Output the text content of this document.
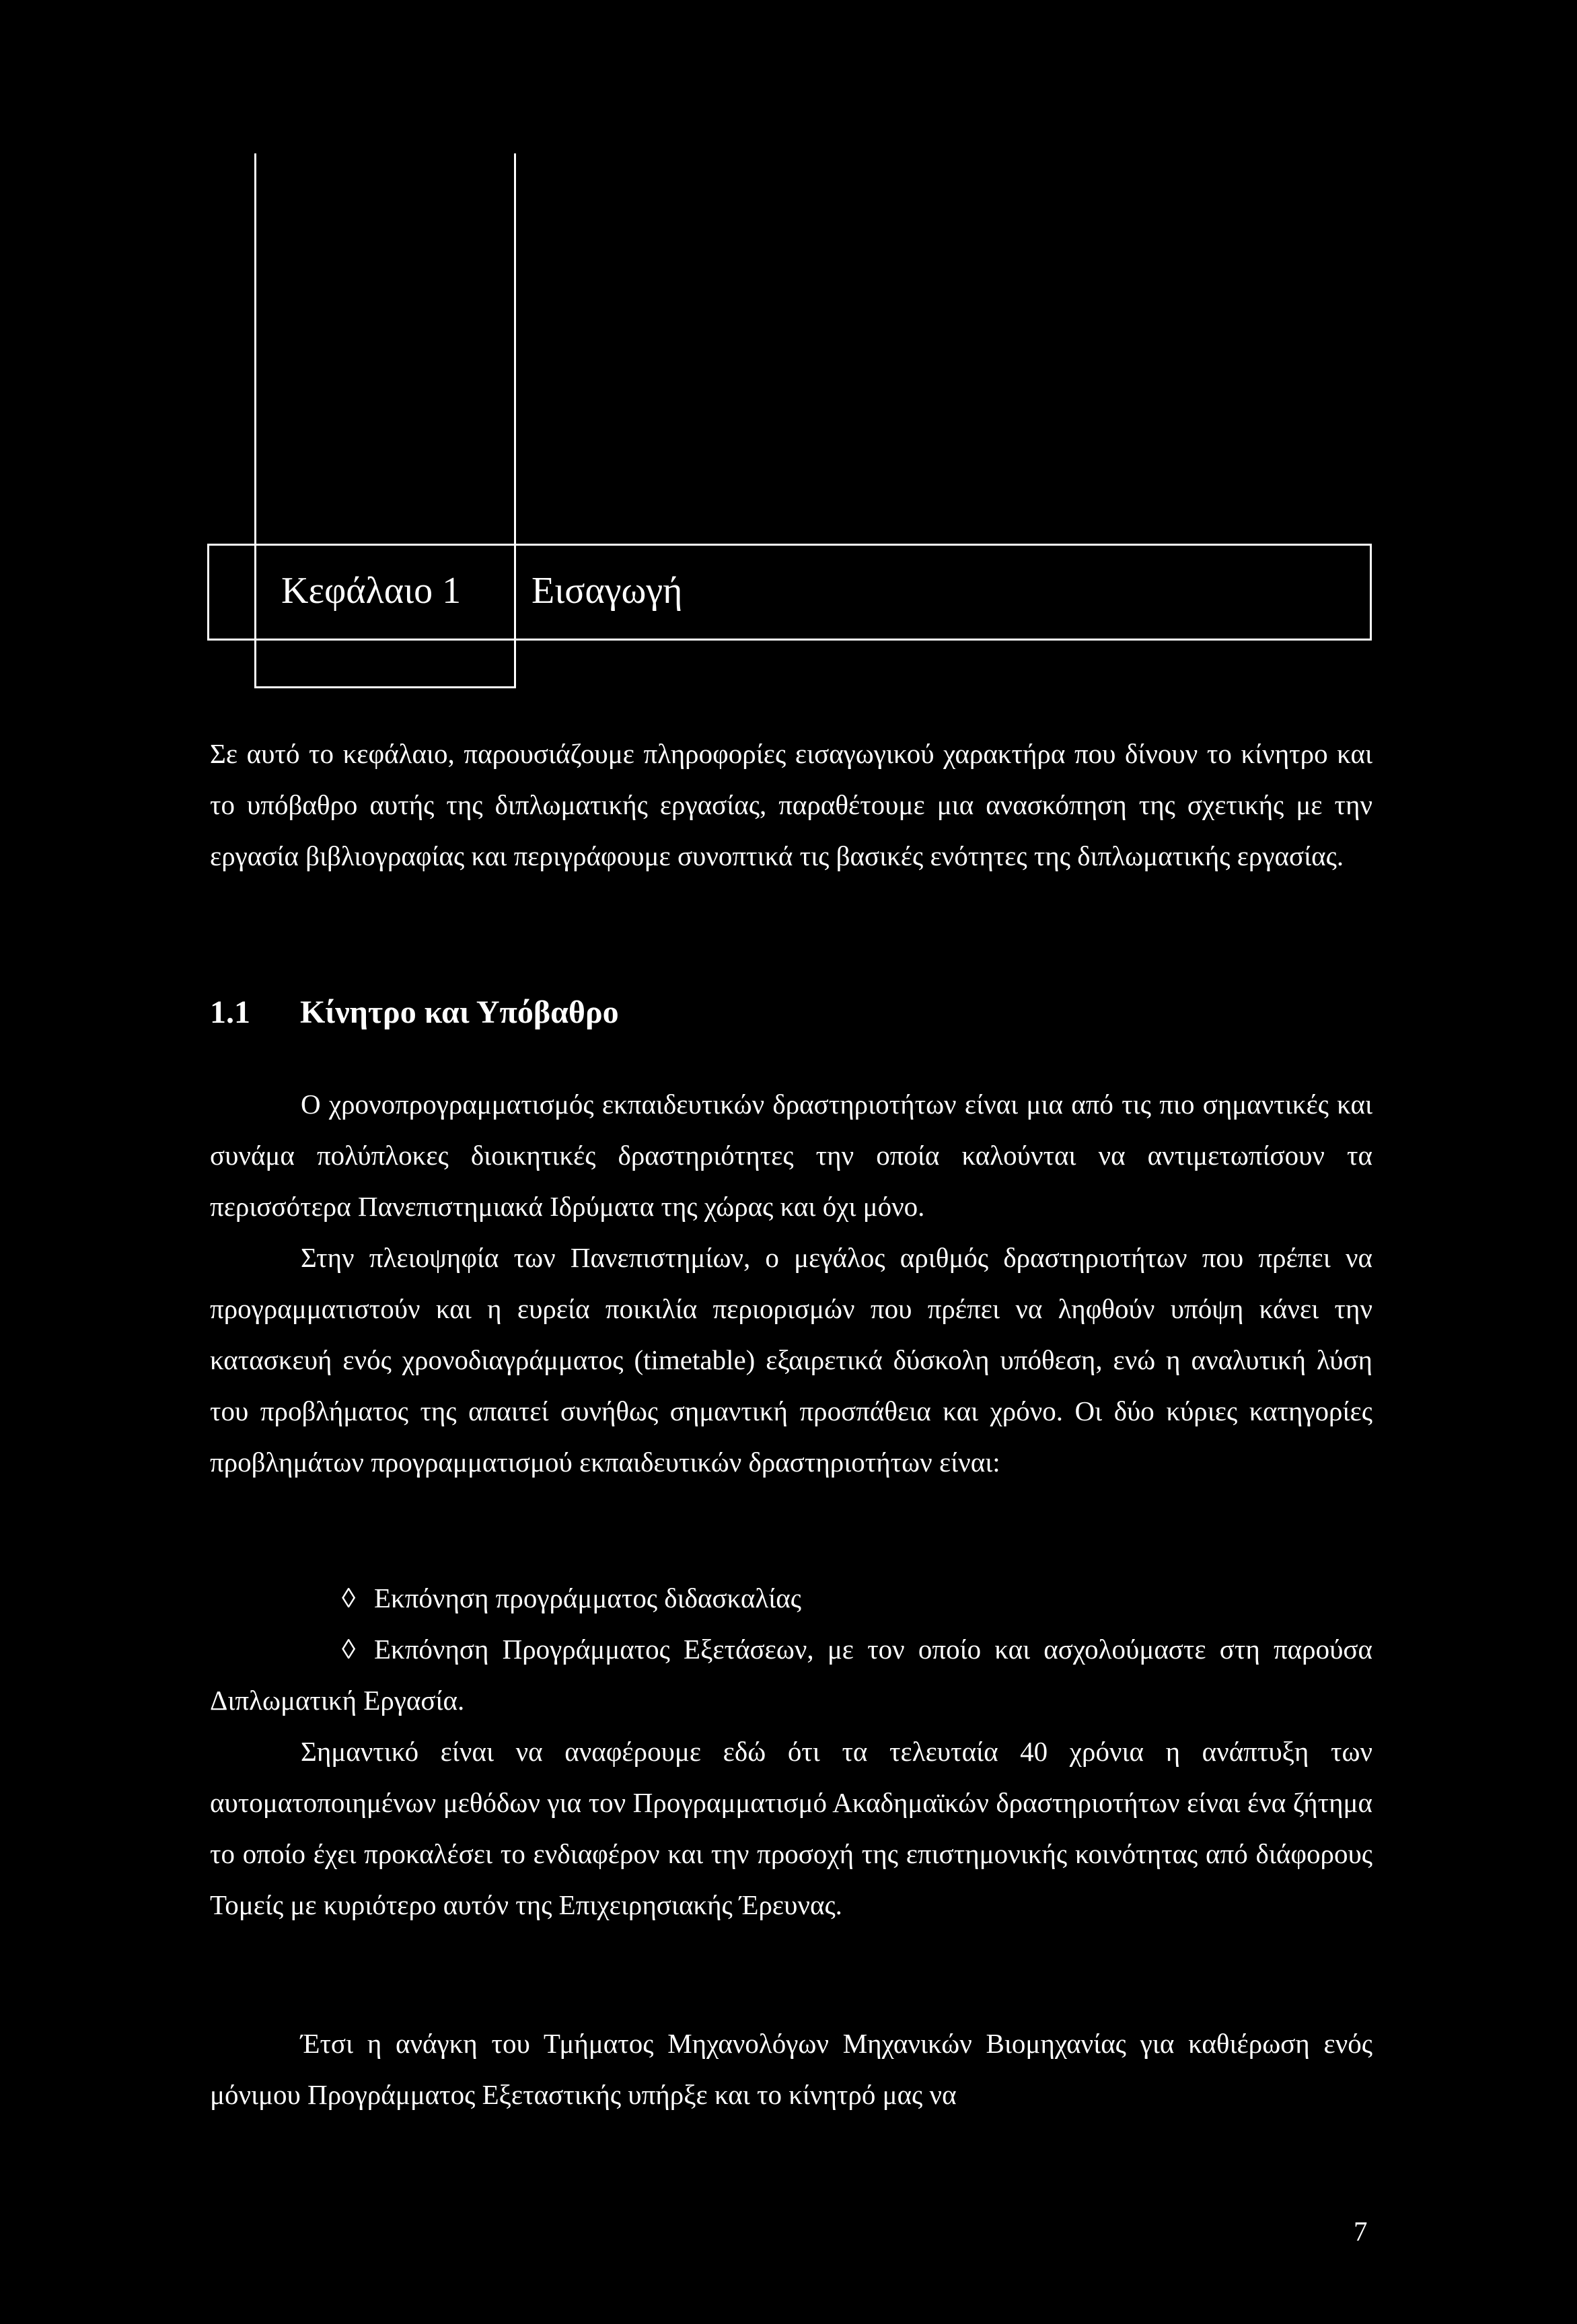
Κεφάλαιο 1 Εισαγωγή
Σε αυτό το κεφάλαιο, παρουσιάζουμε πληροφορίες εισαγωγικού χαρακτήρα που δίνουν το κίνητρο και το υπόβαθρο αυτής της διπλωματικής εργασίας, παραθέτουμε μια ανασκόπηση της σχετικής με την εργασία βιβλιογραφίας και περιγράφουμε συνοπτικά τις βασικές ενότητες της διπλωματικής εργασίας.
1.1 Κίνητρο και Υπόβαθρο
Ο χρονοπρογραμματισμός εκπαιδευτικών δραστηριοτήτων είναι μια από τις πιο σημαντικές και συνάμα πολύπλοκες διοικητικές δραστηριότητες την οποία καλούνται να αντιμετωπίσουν τα περισσότερα Πανεπιστημιακά Ιδρύματα της χώρας και όχι μόνο.
Στην πλειοψηφία των Πανεπιστημίων, ο μεγάλος αριθμός δραστηριοτήτων που πρέπει να προγραμματιστούν και η ευρεία ποικιλία περιορισμών που πρέπει να ληφθούν υπόψη κάνει την κατασκευή ενός χρονοδιαγράμματος (timetable) εξαιρετικά δύσκολη υπόθεση, ενώ η αναλυτική λύση του προβλήματος της απαιτεί συνήθως σημαντική προσπάθεια και χρόνο. Οι δύο κύριες κατηγορίες προβλημάτων προγραμματισμού εκπαιδευτικών δραστηριοτήτων είναι:
◊ Εκπόνηση προγράμματος διδασκαλίας
◊ Εκπόνηση Προγράμματος Εξετάσεων, με τον οποίο και ασχολούμαστε στη παρούσα Διπλωματική Εργασία.
Σημαντικό είναι να αναφέρουμε εδώ ότι τα τελευταία 40 χρόνια η ανάπτυξη των αυτοματοποιημένων μεθόδων για τον Προγραμματισμό Ακαδημαϊκών δραστηριοτήτων είναι ένα ζήτημα το οποίο έχει προκαλέσει το ενδιαφέρον και την προσοχή της επιστημονικής κοινότητας από διάφορους Τομείς με κυριότερο αυτόν της Επιχειρησιακής Έρευνας.
Έτσι η ανάγκη του Τμήματος Μηχανολόγων Μηχανικών Βιομηχανίας για καθιέρωση ενός μόνιμου Προγράμματος Εξεταστικής υπήρξε και το κίνητρό μας να
7
